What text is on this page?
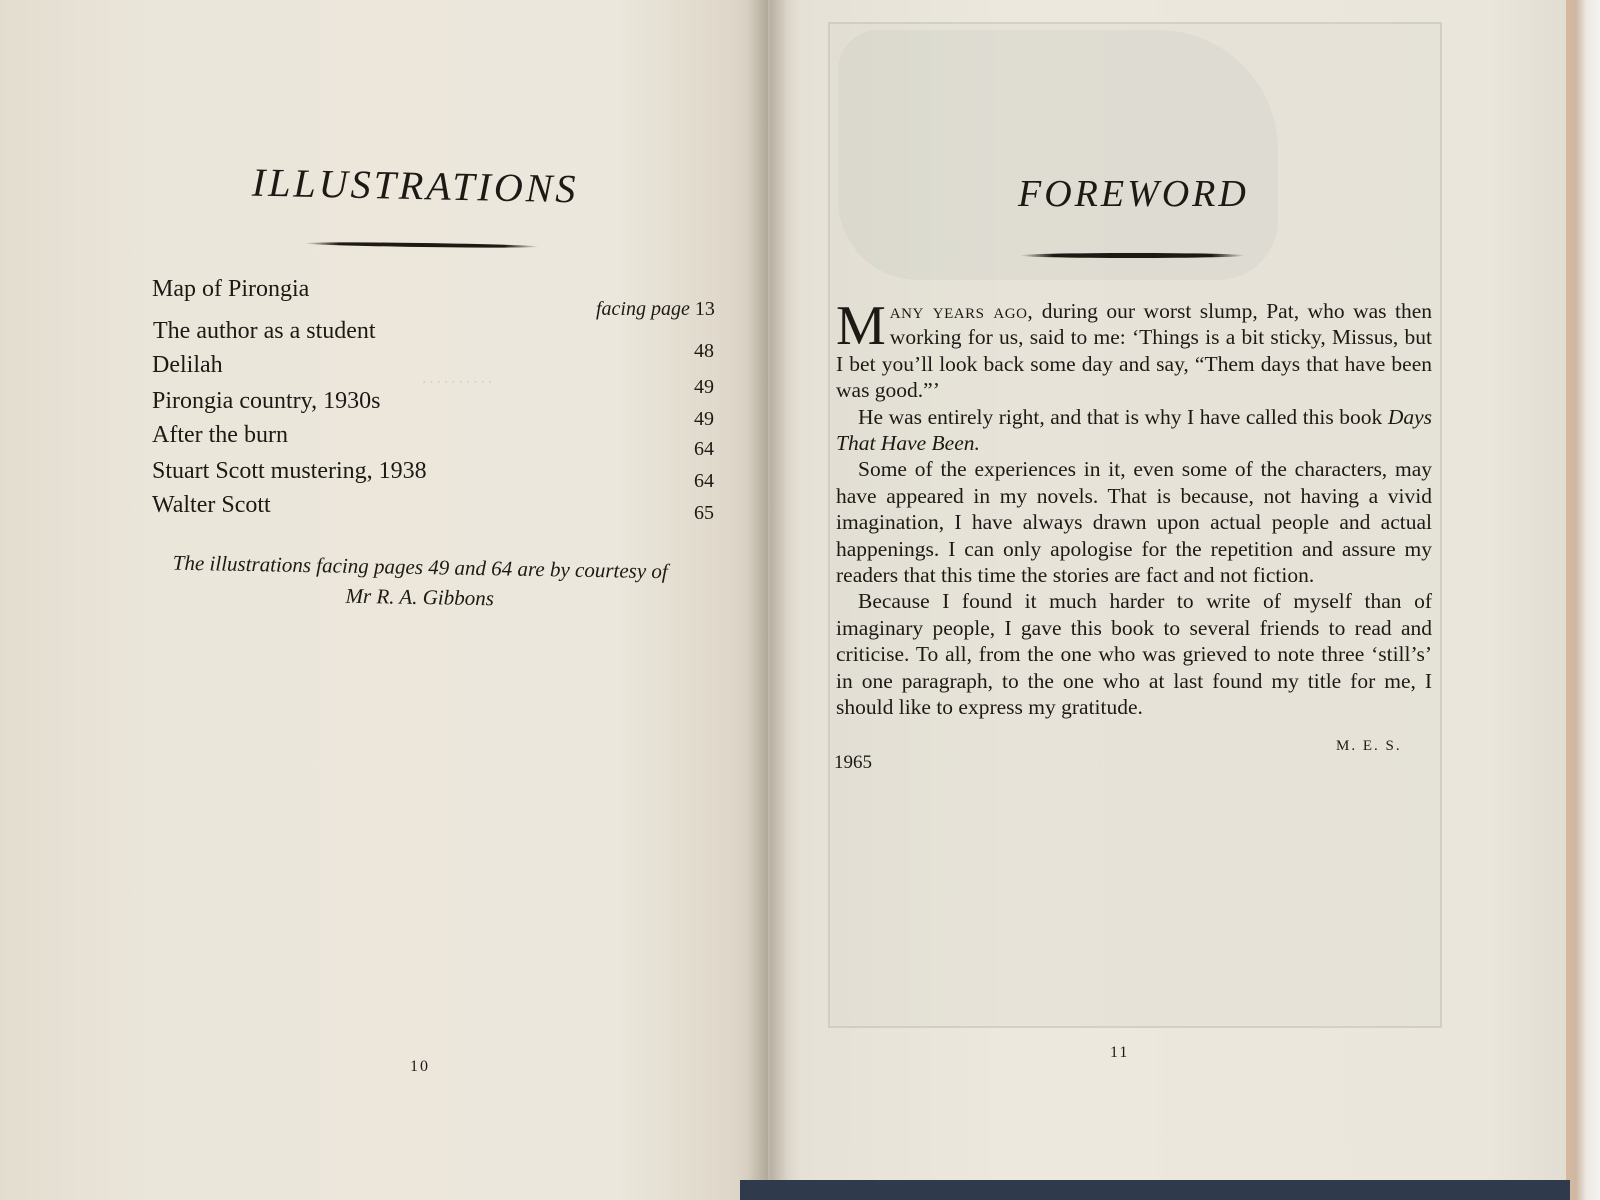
··········
ILLUSTRATIONS
Map of Pirongia
facing page 13
The author as a student
48
Delilah
49
Pirongia country, 1930s
49
After the burn
64
Stuart Scott mustering, 1938	64
Walter Scott	65
The illustrations facing pages 49 and 64 are by courtesy of
Mr R. A. Gibbons
10
FOREWORD

Many years ago, during our worst slump, Pat, who was then working for us, said to me: ‘Things is a bit sticky, Missus, but I bet you’ll look back some day and say, “Them days that have been was good.”’

He was entirely right, and that is why I have called this book Days That Have Been.

Some of the experiences in it, even some of the characters, may have appeared in my novels. That is because, not having a vivid imagination, I have always drawn upon actual people and actual happenings. I can only apologise for the repetition and assure my readers that this time the stories are fact and not fiction.

Because I found it much harder to write of myself than of imaginary people, I gave this book to several friends to read and criticise. To all, from the one who was grieved to note three ‘still’s’ in one paragraph, to the one who at last found my title for me, I should like to express my gratitude.

M. E. S.
1965
11
